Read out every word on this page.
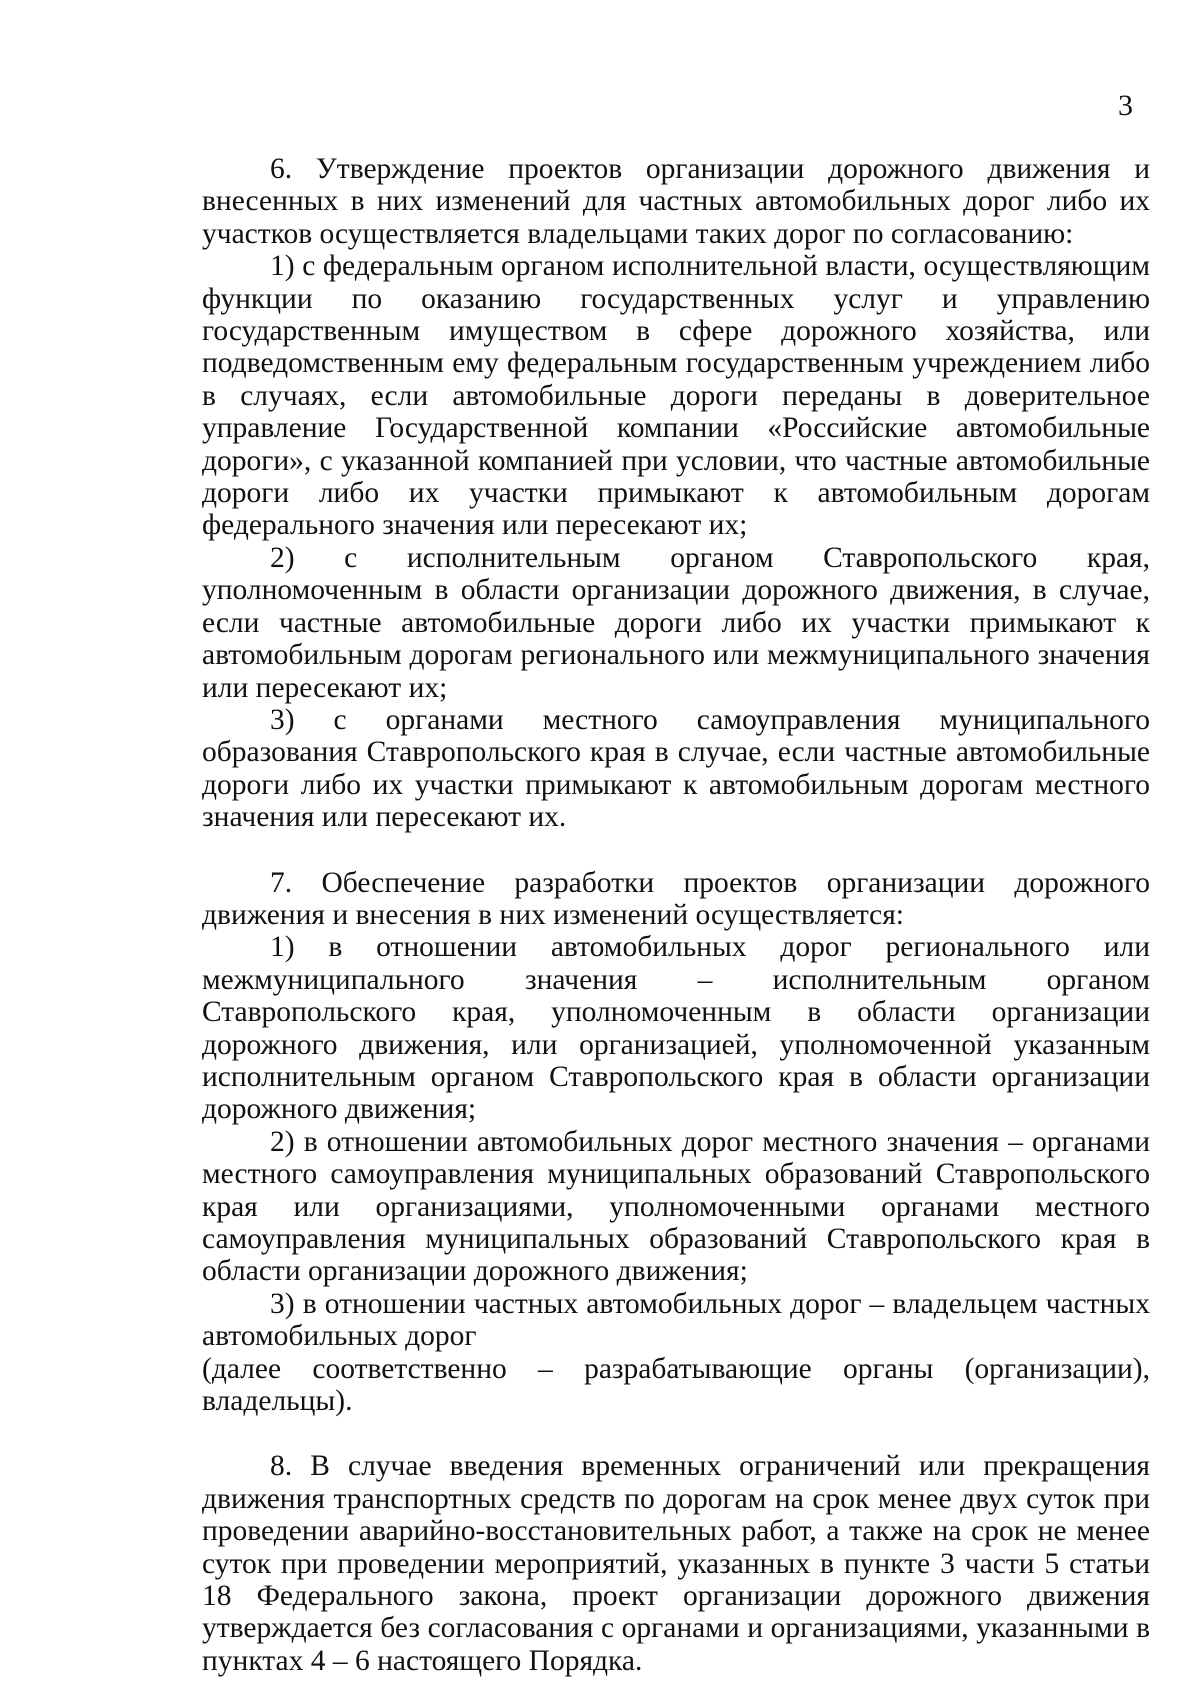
3

6. Утверждение проектов организации дорожного движения и внесенных в них изменений для частных автомобильных дорог либо их участков осуществляется владельцами таких дорог по согласованию:

1) с федеральным органом исполнительной власти, осуществляющим функции по оказанию государственных услуг и управлению государственным имуществом в сфере дорожного хозяйства, или подведомственным ему федеральным государственным учреждением либо в случаях, если автомобильные дороги переданы в доверительное управление Государственной компании «Российские автомобильные дороги», с указанной компанией при условии, что частные автомобильные дороги либо их участки примыкают к автомобильным дорогам федерального значения или пересекают их;

2) с исполнительным органом Ставропольского края, уполномоченным в области организации дорожного движения, в случае, если частные автомобильные дороги либо их участки примыкают к автомобильным дорогам регионального или межмуниципального значения или пересекают их;

3) с органами местного самоуправления муниципального образования Ставропольского края в случае, если частные автомобильные дороги либо их участки примыкают к автомобильным дорогам местного значения или пересекают их.

7. Обеспечение разработки проектов организации дорожного движения и внесения в них изменений осуществляется:

1) в отношении автомобильных дорог регионального или межмуниципального значения – исполнительным органом Ставропольского края, уполномоченным в области организации дорожного движения, или организацией, уполномоченной указанным исполнительным органом Ставропольского края в области организации дорожного движения;

2) в отношении автомобильных дорог местного значения – органами местного самоуправления муниципальных образований Ставропольского края или организациями, уполномоченными органами местного самоуправления муниципальных образований Ставропольского края в области организации дорожного движения;

3) в отношении частных автомобильных дорог – владельцем частных автомобильных дорог

(далее соответственно – разрабатывающие органы (организации), владельцы).

8. В случае введения временных ограничений или прекращения движения транспортных средств по дорогам на срок менее двух суток при проведении аварийно-восстановительных работ, а также на срок не менее суток при проведении мероприятий, указанных в пункте 3 части 5 статьи 18 Федерального закона, проект организации дорожного движения утверждается без согласования с органами и организациями, указанными в пунктах 4 – 6 настоящего Порядка.
